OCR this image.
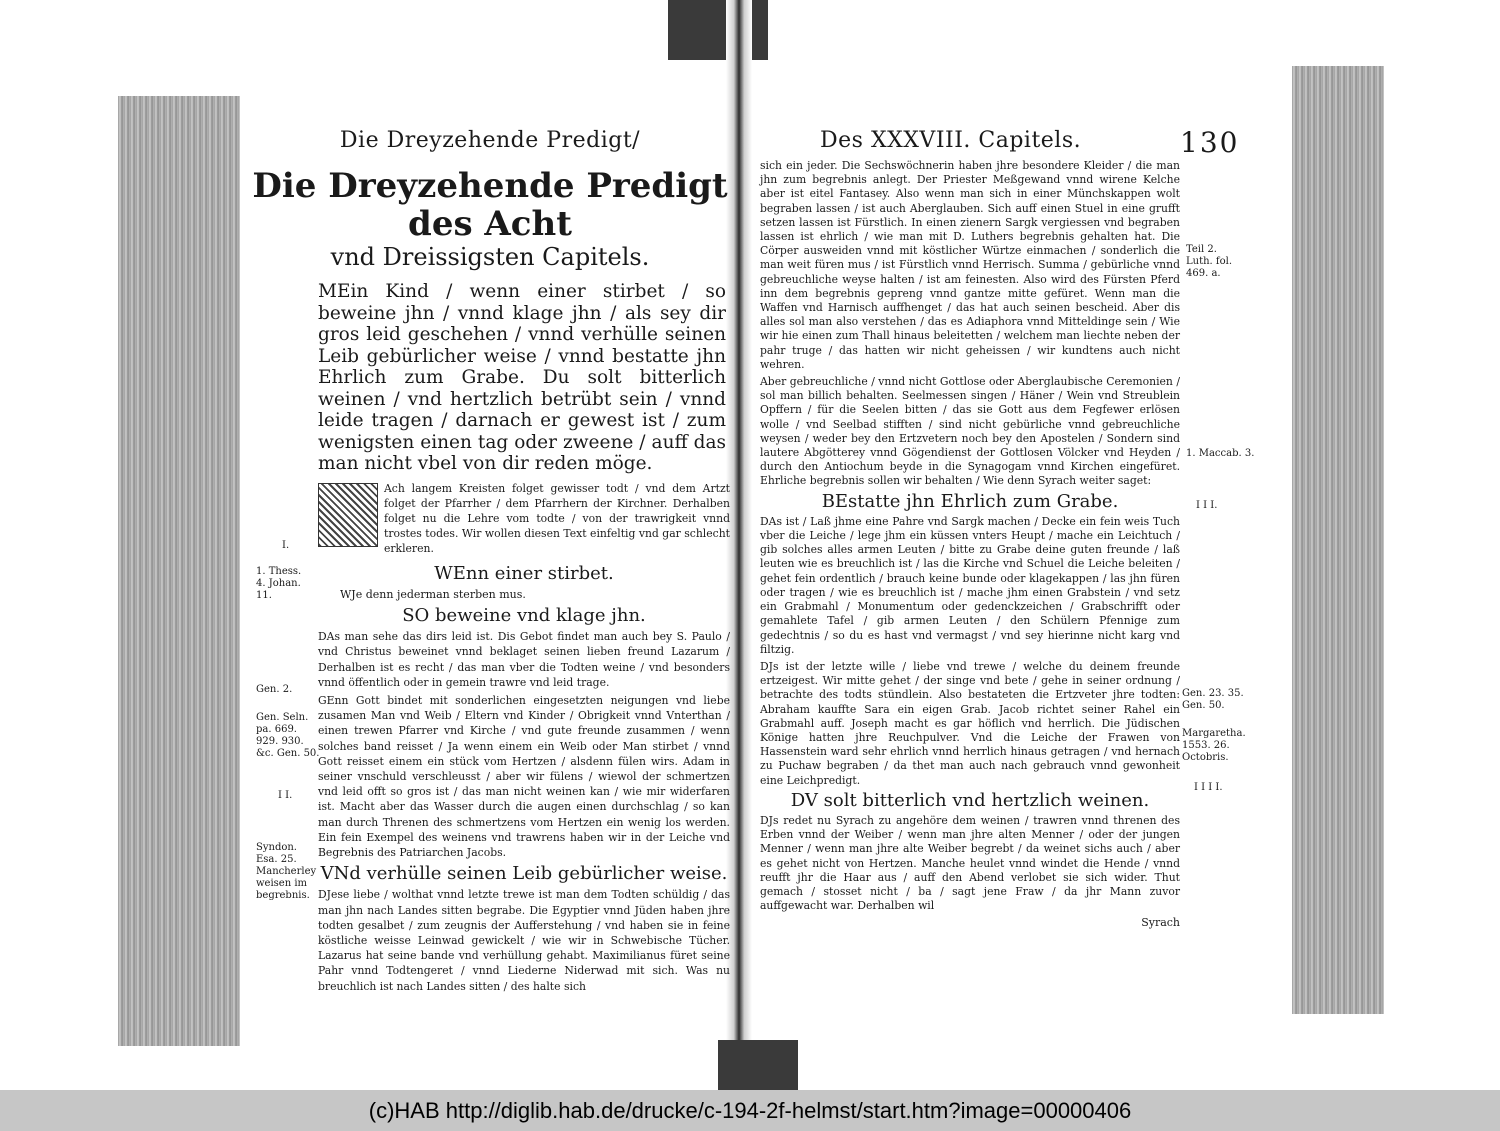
Die Dreyzehende Predigt/
Die Dreyzehende Predigt des Acht
vnd Dreissigsten Capitels.
MEin Kind / wenn einer stirbet / so beweine jhn / vnnd klage jhn / als sey dir gros leid geschehen / vnnd verhülle seinen Leib gebürlicher weise / vnnd bestatte jhn Ehrlich zum Grabe. Du solt bitterlich weinen / vnd hertzlich betrübt sein / vnnd leide tragen / darnach er gewest ist / zum wenigsten einen tag oder zweene / auff das man nicht vbel von dir reden möge.

Ach langem Kreisten folget gewisser todt / vnd dem Artzt folget der Pfarrher / dem Pfarrhern der Kirchner. Derhalben folget nu die Lehre vom todte / von der trawrigkeit vnnd trostes todes. Wir wollen diesen Text einfeltig vnd gar schlecht erkleren.

WEnn einer stirbet.
WJe denn jederman sterben mus.
SO beweine vnd klage jhn.

DAs man sehe das dirs leid ist. Dis Gebot findet man auch bey S. Paulo / vnd Christus beweinet vnnd beklaget seinen lieben freund Lazarum / Derhalben ist es recht / das man vber die Todten weine / vnd besonders vnnd öffentlich oder in gemein trawre vnd leid trage.

GEnn Gott bindet mit sonderlichen eingesetzten neigungen vnd liebe zusamen Man vnd Weib / Eltern vnd Kinder / Obrigkeit vnnd Vnterthan / einen trewen Pfarrer vnd Kirche / vnd gute freunde zusammen / wenn solches band reisset / Ja wenn einem ein Weib oder Man stirbet / vnnd Gott reisset einem ein stück vom Hertzen / alsdenn fülen wirs. Adam in seiner vnschuld verschleusst / aber wir fülens / wiewol der schmertzen vnd leid offt so gros ist / das man nicht weinen kan / wie mir widerfaren ist. Macht aber das Wasser durch die augen einen durchschlag / so kan man durch Threnen des schmertzens vom Hertzen ein wenig los werden. Ein fein Exempel des weinens vnd trawrens haben wir in der Leiche vnd Begrebnis des Patriarchen Jacobs.

VNd verhülle seinen Leib gebürlicher weise.

DJese liebe / wolthat vnnd letzte trewe ist man dem Todten schüldig / das man jhn nach Landes sitten begrabe. Die Egyptier vnnd Jüden haben jhre todten gesalbet / zum zeugnis der Aufferstehung / vnd haben sie in feine köstliche weisse Leinwad gewickelt / wie wir in Schwebische Tücher. Lazarus hat seine bande vnd verhüllung gehabt. Maximilianus füret seine Pahr vnnd Todtengeret / vnnd Liederne Niderwad mit sich. Was nu breuchlich ist nach Landes sitten / des halte sich

I.
1. Thess. 4. Johan. 11.
Gen. 2.
Gen. Seln. pa. 669. 929. 930. &c. Gen. 50.
I I.
Syndon. Esa. 25. Mancherley weisen im begrebnis.
Des XXXVIII. Capitels.

sich ein jeder. Die Sechswöchnerin haben jhre besondere Kleider / die man jhn zum begrebnis anlegt. Der Priester Meßgewand vnnd wirene Kelche aber ist eitel Fantasey. Also wenn man sich in einer Münchskappen wolt begraben lassen / ist auch Aberglauben. Sich auff einen Stuel in eine grufft setzen lassen ist Fürstlich. In einen zienern Sargk vergiessen vnd begraben lassen ist ehrlich / wie man mit D. Luthers begrebnis gehalten hat. Die Cörper ausweiden vnnd mit köstlicher Würtze einmachen / sonderlich die man weit füren mus / ist Fürstlich vnnd Herrisch. Summa / gebürliche vnnd gebreuchliche weyse halten / ist am feinesten. Also wird des Fürsten Pferd inn dem begrebnis gepreng vnnd gantze mitte gefüret. Wenn man die Waffen vnd Harnisch auffhenget / das hat auch seinen bescheid. Aber dis alles sol man also verstehen / das es Adiaphora vnnd Mitteldinge sein / Wie wir hie einen zum Thall hinaus beleitetten / welchem man liechte neben der pahr truge / das hatten wir nicht geheissen / wir kundtens auch nicht wehren.

Aber gebreuchliche / vnnd nicht Gottlose oder Aberglaubische Ceremonien / sol man billich behalten. Seelmessen singen / Häner / Wein vnd Streublein Opffern / für die Seelen bitten / das sie Gott aus dem Fegfewer erlösen wolle / vnd Seelbad stifften / sind nicht gebürliche vnnd gebreuchliche weysen / weder bey den Ertzvetern noch bey den Apostelen / Sondern sind lautere Abgötterey vnnd Gögendienst der Gottlosen Völcker vnd Heyden / durch den Antiochum beyde in die Synagogam vnnd Kirchen eingefüret. Ehrliche begrebnis sollen wir behalten / Wie denn Syrach weiter saget:

BEstatte jhn Ehrlich zum Grabe.

DAs ist / Laß jhme eine Pahre vnd Sargk machen / Decke ein fein weis Tuch vber die Leiche / lege jhm ein küssen vnters Heupt / mache ein Leichtuch / gib solches alles armen Leuten / bitte zu Grabe deine guten freunde / laß leuten wie es breuchlich ist / las die Kirche vnd Schuel die Leiche beleiten / gehet fein ordentlich / brauch keine bunde oder klagekappen / las jhn füren oder tragen / wie es breuchlich ist / mache jhm einen Grabstein / vnd setz ein Grabmahl / Monumentum oder gedenckzeichen / Grabschrifft oder gemahlete Tafel / gib armen Leuten / den Schülern Pfennige zum gedechtnis / so du es hast vnd vermagst / vnd sey hierinne nicht karg vnd filtzig.

DJs ist der letzte wille / liebe vnd trewe / welche du deinem freunde ertzeigest. Wir mitte gehet / der singe vnd bete / gehe in seiner ordnung / betrachte des todts stündlein. Also bestateten die Ertzveter jhre todten: Abraham kauffte Sara ein eigen Grab. Jacob richtet seiner Rahel ein Grabmahl auff. Joseph macht es gar höflich vnd herrlich. Die Jüdischen Könige hatten jhre Reuchpulver. Vnd die Leiche der Frawen von Hassenstein ward sehr ehrlich vnnd herrlich hinaus getragen / vnd hernach zu Puchaw begraben / da thet man auch nach gebrauch vnnd gewonheit eine Leichpredigt.

DV solt bitterlich vnd hertzlich weinen.

DJs redet nu Syrach zu angehöre dem weinen / trawren vnnd threnen des Erben vnnd der Weiber / wenn man jhre alten Menner / oder der jungen Menner / wenn man jhre alte Weiber begrebt / da weinet sichs auch / aber es gehet nicht von Hertzen. Manche heulet vnnd windet die Hende / vnnd reufft jhr die Haar aus / auff den Abend verlobet sie sich wider. Thut gemach / stosset nicht / ba / sagt jene Fraw / da jhr Mann zuvor auffgewacht war. Derhalben wil

Syrach
130
Teil 2. Luth. fol. 469. a.
1. Maccab. 3.
I I I.
Gen. 23. 35. Gen. 50.
Margaretha. 1553. 26. Octobris.
I I I I.
(c)HAB http://diglib.hab.de/drucke/c-194-2f-helmst/start.htm?image=00000406
